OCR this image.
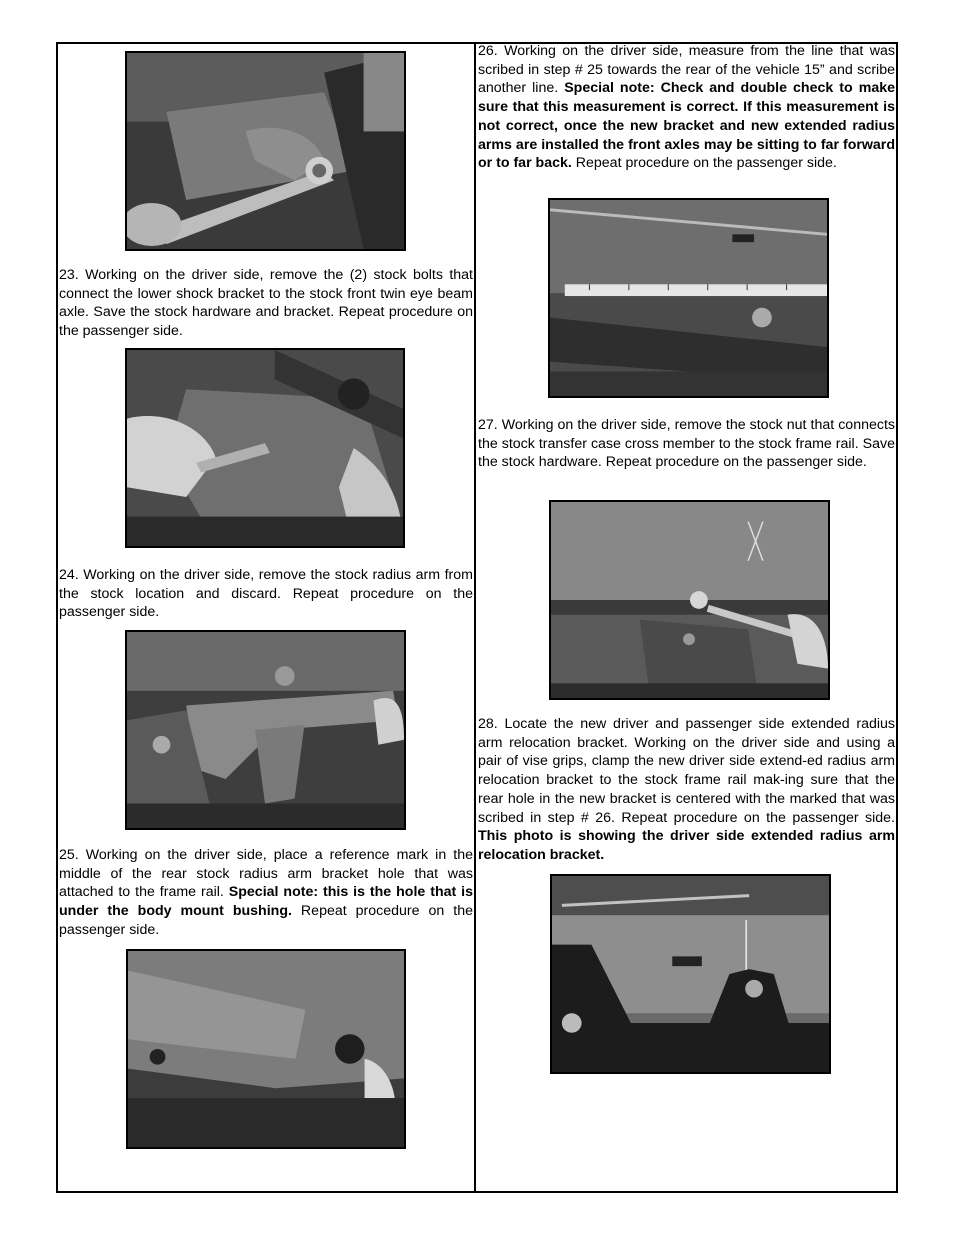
23. Working on the driver side, remove the (2) stock bolts that connect the lower shock bracket to the stock front twin eye beam axle. Save the stock hardware and bracket. Repeat procedure on the passenger side.

24. Working on the driver side, remove the stock radius arm from the stock location and discard. Repeat procedure on the passenger side.

25. Working on the driver side, place a reference mark in the middle of the rear stock radius arm bracket hole that was attached to the frame rail. Special note: this is the hole that is under the body mount bushing. Repeat procedure on the passenger side.

26. Working on the driver side, measure from the line that was scribed in step # 25 towards the rear of the vehicle 15” and scribe another line. Special note: Check and double check to make sure that this measurement is correct. If this measurement is not correct, once the new bracket and new extended radius arms are installed the front axles may be sitting to far forward or to far back. Repeat procedure on the passenger side.

27. Working on the driver side, remove the stock nut that connects the stock transfer case cross member to the stock frame rail. Save the stock hardware. Repeat procedure on the passenger side.

28. Locate the new driver and passenger side extended radius arm relocation bracket. Working on the driver side and using a pair of vise grips, clamp the new driver side extend-ed radius arm relocation bracket to the stock frame rail mak-ing sure that the rear hole in the new bracket is centered with the marked that was scribed in step # 26. Repeat procedure on the passenger side. This photo is showing the driver side extended radius arm relocation bracket.
